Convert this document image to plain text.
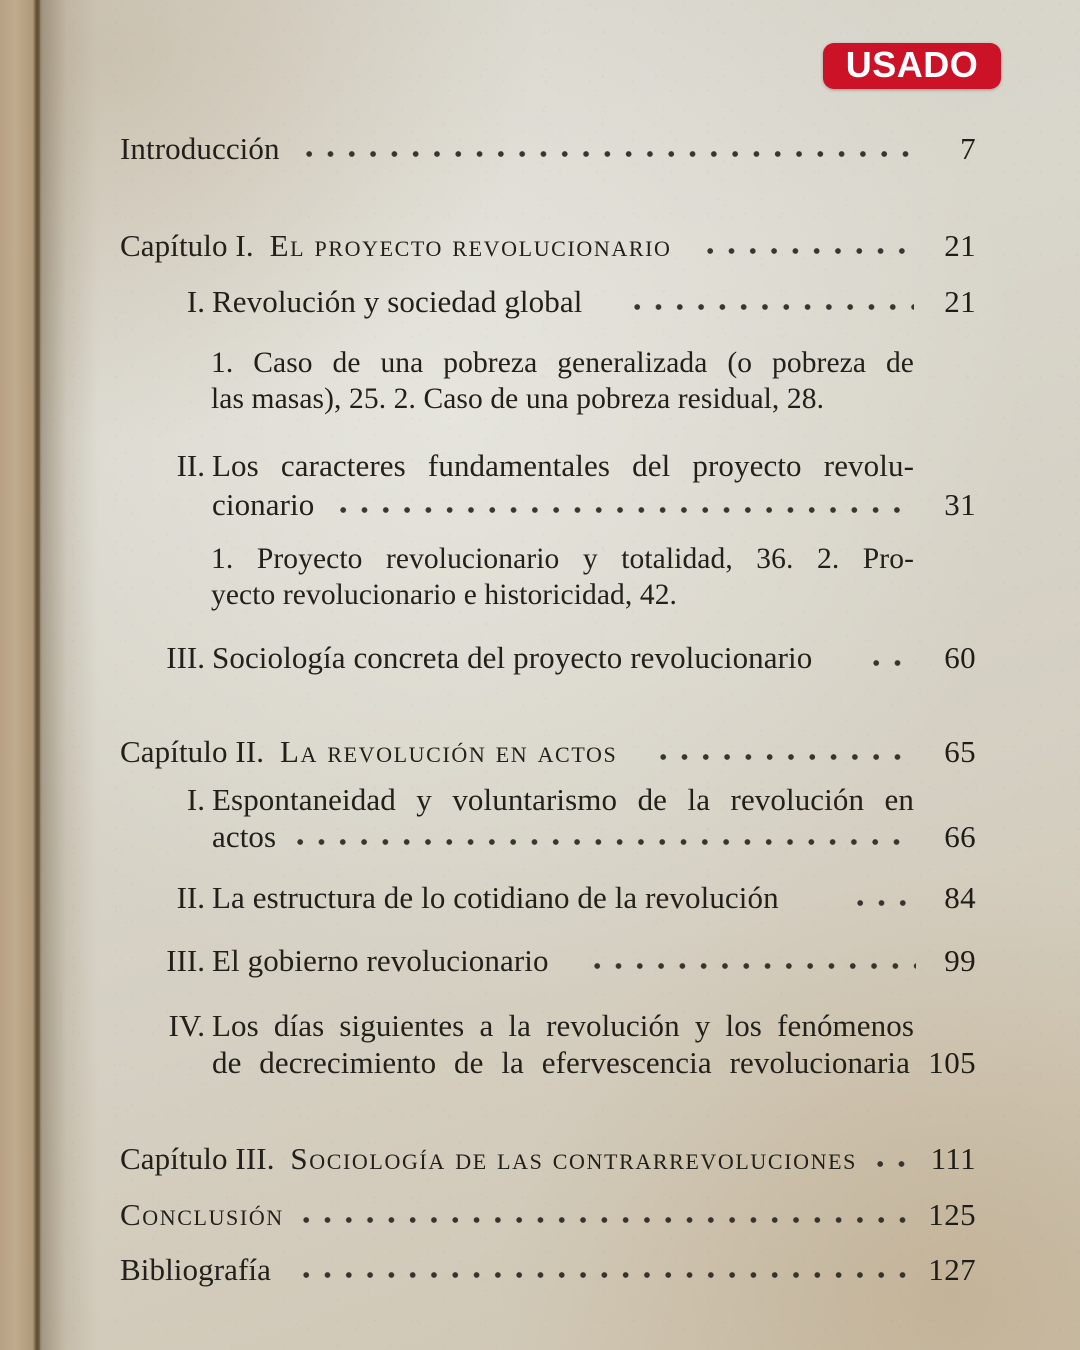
USADO
Introducción	7
Capítulo I. El proyecto revolucionario	21
I. Revolución y sociedad global	21
1. Caso de una pobreza generalizada (o pobreza de
las masas), 25. 2. Caso de una pobreza residual, 28.
II. Los caracteres fundamentales del proyecto revolu-
cionario	31
1. Proyecto revolucionario y totalidad, 36. 2. Pro-
yecto revolucionario e historicidad, 42.
III. Sociología concreta del proyecto revolucionario	60
Capítulo II. La revolución en actos	65
I. Espontaneidad y voluntarismo de la revolución en
actos	66
II. La estructura de lo cotidiano de la revolución	84
III. El gobierno revolucionario	99
IV. Los días siguientes a la revolución y los fenómenos
de decrecimiento de la efervescencia revolucionaria 105
Capítulo III. Sociología de las contrarrevoluciones	111
Conclusión	125
Bibliografía	127
